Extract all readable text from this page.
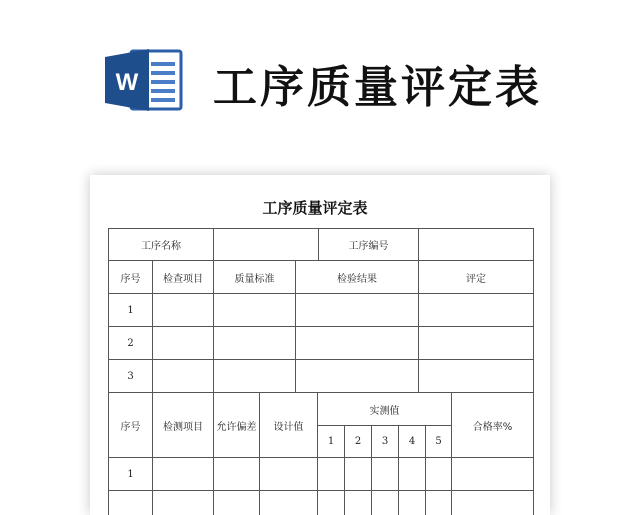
W 工序质量评定表
工序质量评定表
工序名称				工序编号	
序号	检查项目	质量标准	检验结果		评定
1					
2					
3					
序号	检测项目	允许偏差	设计值	实测值					合格率%
				1	2	3	4	5	
1									
